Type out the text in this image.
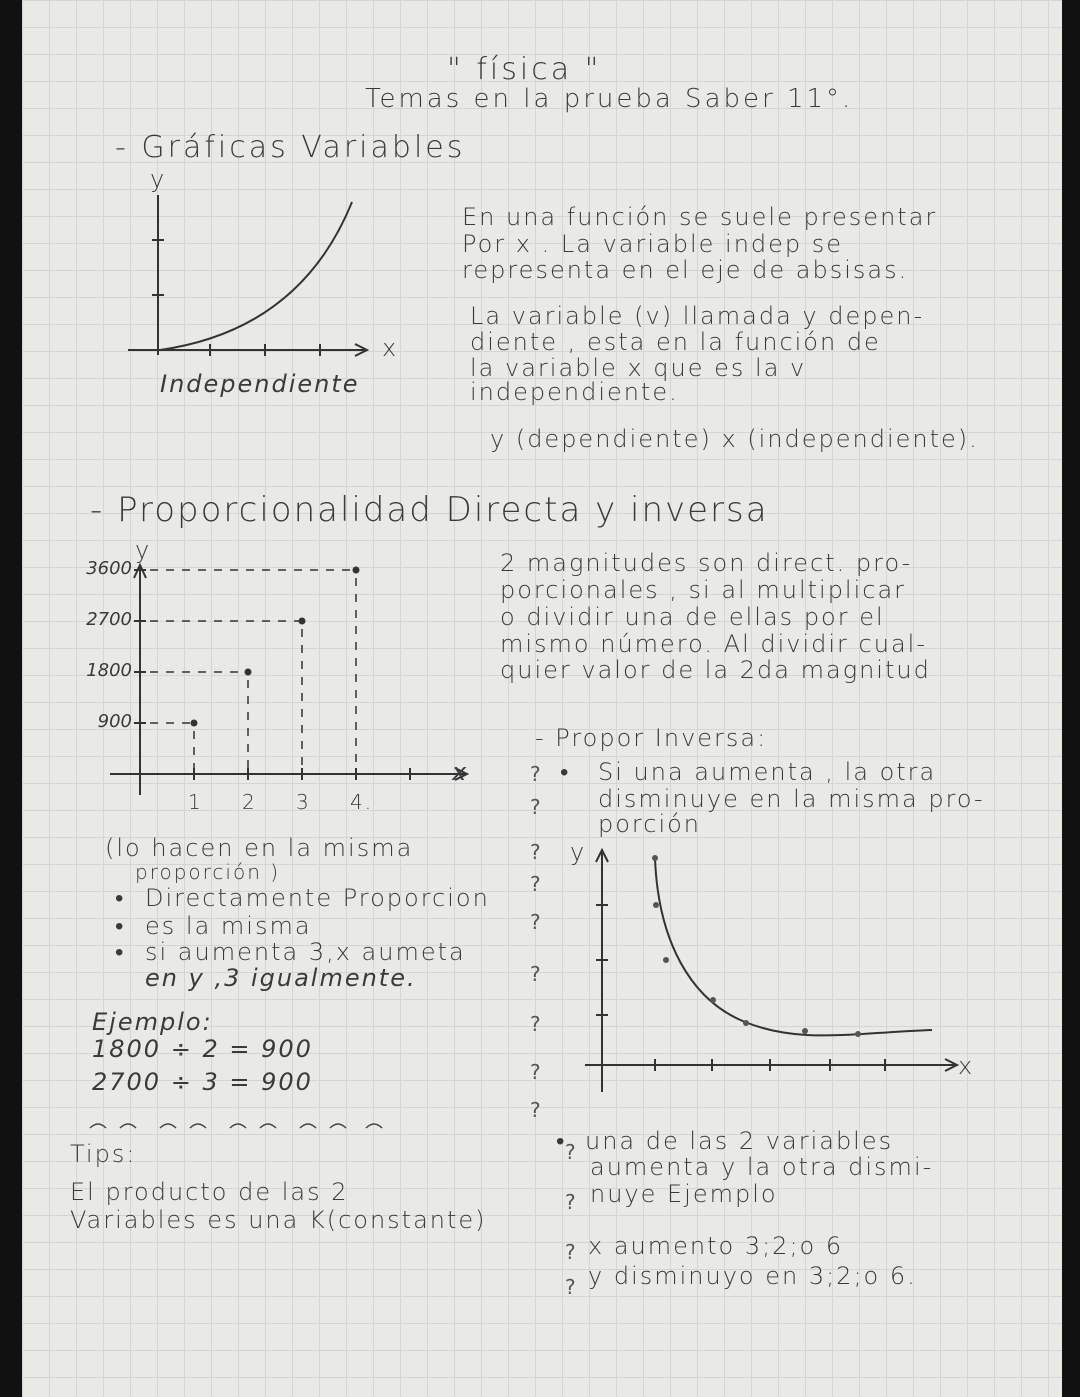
" física "
Temas en la prueba Saber 11°.
- Gráficas Variables
y
x
Independiente
En una función se suele presentar
Por x . La variable indep se
representa en el eje de absisas.
La variable (v) llamada y depen-
diente , esta en la función de
la variable x que es la v
independiente.
y (dependiente) x (independiente).
- Proporcionalidad Directa y inversa
y
x
1
900
2
1800
3
2700
4.
3600	2 magnitudes son direct. pro-
porcionales , si al multiplicar
o dividir una de ellas por el
mismo número. Al dividir cual-
quier valor de la 2da magnitud
- Propor Inversa:
• Si una aumenta , la otra
disminuye en la misma pro-
porción
y
x
(lo hacen en la misma
proporción )
• Directamente Proporcion
• es la misma
• si aumenta 3,x aumeta
en y ,3 igualmente.
Ejemplo:
1800 ÷ 2 = 900
2700 ÷ 3 = 900
Tips:
El producto de las 2
Variables es una K(constante)
• una de las 2 variables
aumenta y la otra dismi-
nuye Ejemplo
x aumento 3;2;o 6
y disminuyo en 3;2;o 6.
?
?
?
?
?
?
?
?
?
?
?
?
?
